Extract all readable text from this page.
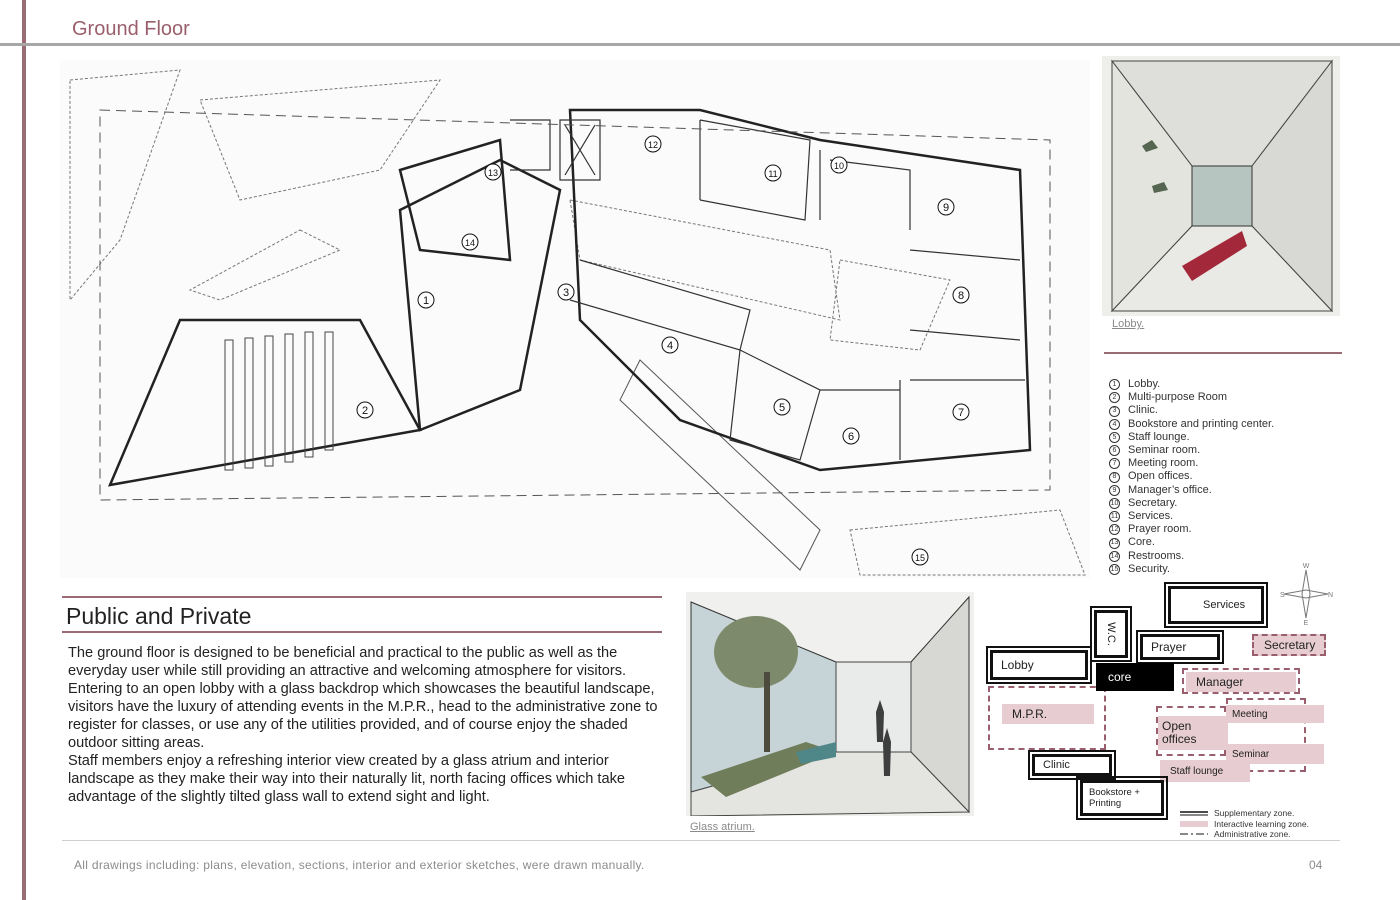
Ground Floor
1
2
3
4
5
6
7
8
9
10
11
12
13
14
15
Lobby.
1	Lobby.
2	Multi-purpose Room
3	Clinic.
4	Bookstore and printing center.
5	Staff lounge.
6	Seminar room.
7	Meeting room.
8	Open offices.
9	Manager’s office.
10 Secretary.
11 Services.
12 Prayer room.
13 Core.
14 Restrooms.
15 Security.	W
E
S	N
Public and Private

The ground floor is designed to be beneficial and practical to the public as well as the everyday user while still providing an attractive and welcoming atmosphere for visitors.

Entering to an open lobby with a glass backdrop which showcases the beautiful landscape, visitors have the luxury of attending events in the M.P.R., head to the administrative zone to register for classes, or use any of the utilities provided, and of course enjoy the shaded outdoor sitting areas.

Staff members enjoy a refreshing interior view created by a glass atrium and interior landscape as they make their way into their naturally lit, north facing offices which take advantage of the slightly tilted glass wall to extend sight and light.

Glass atrium.
Secretary
Manager
M.P.R.
Open offices
Meeting
Seminar
Staff lounge
Services
W.C.
Prayer
Lobby
core
Clinic
Bookstore + Printing
Supplementary zone.
Interactive learning zone.
Administrative zone.
All drawings including: plans, elevation, sections, interior and exterior sketches, were drawn manually.	04
